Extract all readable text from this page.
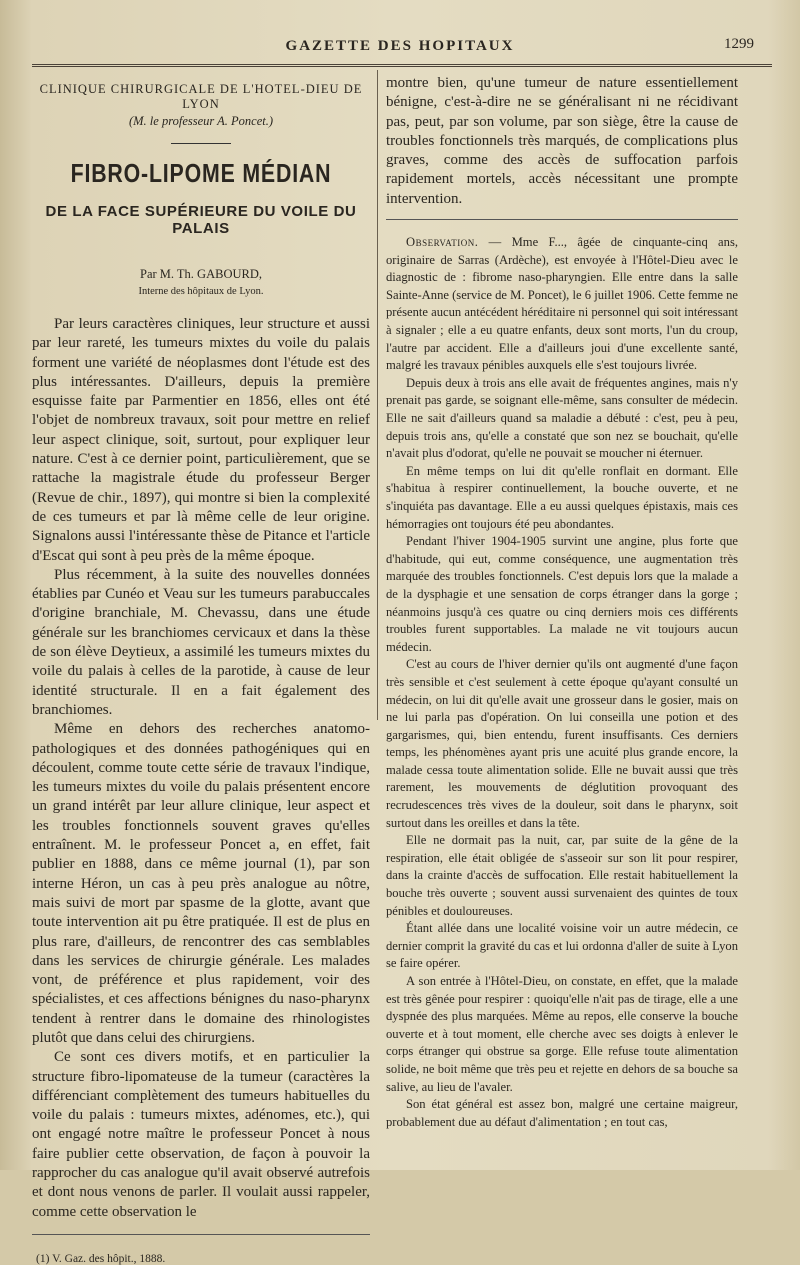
GAZETTE DES HOPITAUX	1299
CLINIQUE CHIRURGICALE DE L'HOTEL-DIEU DE LYON
(M. le professeur A. Poncet.)
FIBRO-LIPOME MÉDIAN
DE LA FACE SUPÉRIEURE DU VOILE DU PALAIS
Par M. Th. GABOURD,
Interne des hôpitaux de Lyon.

Par leurs caractères cliniques, leur structure et aussi par leur rareté, les tumeurs mixtes du voile du palais forment une variété de néoplasmes dont l'étude est des plus intéressantes. D'ailleurs, depuis la première esquisse faite par Parmentier en 1856, elles ont été l'objet de nombreux travaux, soit pour mettre en relief leur aspect clinique, soit, surtout, pour expliquer leur nature. C'est à ce dernier point, particulièrement, que se rattache la magistrale étude du professeur Berger (Revue de chir., 1897), qui montre si bien la complexité de ces tumeurs et par là même celle de leur origine. Signalons aussi l'intéressante thèse de Pitance et l'article d'Escat qui sont à peu près de la même époque.

Plus récemment, à la suite des nouvelles données établies par Cunéo et Veau sur les tumeurs parabuccales d'origine branchiale, M. Chevassu, dans une étude générale sur les branchiomes cervicaux et dans la thèse de son élève Deytieux, a assimilé les tumeurs mixtes du voile du palais à celles de la parotide, à cause de leur identité structurale. Il en a fait également des branchiomes.

Même en dehors des recherches anatomo-pathologiques et des données pathogéniques qui en découlent, comme toute cette série de travaux l'indique, les tumeurs mixtes du voile du palais présentent encore un grand intérêt par leur allure clinique, leur aspect et les troubles fonctionnels souvent graves qu'elles entraînent. M. le professeur Poncet a, en effet, fait publier en 1888, dans ce même journal (1), par son interne Héron, un cas à peu près analogue au nôtre, mais suivi de mort par spasme de la glotte, avant que toute intervention ait pu être pratiquée. Il est de plus en plus rare, d'ailleurs, de rencontrer des cas semblables dans les services de chirurgie générale. Les malades vont, de préférence et plus rapidement, voir des spécialistes, et ces affections bénignes du naso-pharynx tendent à rentrer dans le domaine des rhinologistes plutôt que dans celui des chirurgiens.

Ce sont ces divers motifs, et en particulier la structure fibro-lipomateuse de la tumeur (caractères la différenciant complètement des tumeurs habituelles du voile du palais : tumeurs mixtes, adénomes, etc.), qui ont engagé notre maître le professeur Poncet à nous faire publier cette observation, de façon à pouvoir la rapprocher du cas analogue qu'il avait observé autrefois et dont nous venons de parler. Il voulait aussi rappeler, comme cette observation le

(1) V. Gaz. des hôpit., 1888.

montre bien, qu'une tumeur de nature essentiellement bénigne, c'est-à-dire ne se généralisant ni ne récidivant pas, peut, par son volume, par son siège, être la cause de troubles fonctionnels très marqués, de complications plus graves, comme des accès de suffocation parfois rapidement mortels, accès nécessitant une prompte intervention.

Observation. — Mme F..., âgée de cinquante-cinq ans, originaire de Sarras (Ardèche), est envoyée à l'Hôtel-Dieu avec le diagnostic de : fibrome naso-pharyngien. Elle entre dans la salle Sainte-Anne (service de M. Poncet), le 6 juillet 1906. Cette femme ne présente aucun antécédent héréditaire ni personnel qui soit intéressant à signaler ; elle a eu quatre enfants, deux sont morts, l'un du croup, l'autre par accident. Elle a d'ailleurs joui d'une excellente santé, malgré les travaux pénibles auxquels elle s'est toujours livrée.

Depuis deux à trois ans elle avait de fréquentes angines, mais n'y prenait pas garde, se soignant elle-même, sans consulter de médecin. Elle ne sait d'ailleurs quand sa maladie a débuté : c'est, peu à peu, depuis trois ans, qu'elle a constaté que son nez se bouchait, qu'elle n'avait plus d'odorat, qu'elle ne pouvait se moucher ni éternuer.

En même temps on lui dit qu'elle ronflait en dormant. Elle s'habitua à respirer continuellement, la bouche ouverte, et ne s'inquiéta pas davantage. Elle a eu aussi quelques épistaxis, mais ces hémorragies ont toujours été peu abondantes.

Pendant l'hiver 1904-1905 survint une angine, plus forte que d'habitude, qui eut, comme conséquence, une augmentation très marquée des troubles fonctionnels. C'est depuis lors que la malade a de la dysphagie et une sensation de corps étranger dans la gorge ; néanmoins jusqu'à ces quatre ou cinq derniers mois ces différents troubles furent supportables. La malade ne vit toujours aucun médecin.

C'est au cours de l'hiver dernier qu'ils ont augmenté d'une façon très sensible et c'est seulement à cette époque qu'ayant consulté un médecin, on lui dit qu'elle avait une grosseur dans le gosier, mais on ne lui parla pas d'opération. On lui conseilla une potion et des gargarismes, qui, bien entendu, furent insuffisants. Ces derniers temps, les phénomènes ayant pris une acuité plus grande encore, la malade cessa toute alimentation solide. Elle ne buvait aussi que très rarement, les mouvements de déglutition provoquant des recrudescences très vives de la douleur, soit dans le pharynx, soit surtout dans les oreilles et dans la tête.

Elle ne dormait pas la nuit, car, par suite de la gêne de la respiration, elle était obligée de s'asseoir sur son lit pour respirer, dans la crainte d'accès de suffocation. Elle restait habituellement la bouche très ouverte ; souvent aussi survenaient des quintes de toux pénibles et douloureuses.

Étant allée dans une localité voisine voir un autre médecin, ce dernier comprit la gravité du cas et lui ordonna d'aller de suite à Lyon se faire opérer.

A son entrée à l'Hôtel-Dieu, on constate, en effet, que la malade est très gênée pour respirer : quoiqu'elle n'ait pas de tirage, elle a une dyspnée des plus marquées. Même au repos, elle conserve la bouche ouverte et à tout moment, elle cherche avec ses doigts à enlever le corps étranger qui obstrue sa gorge. Elle refuse toute alimentation solide, ne boit même que très peu et rejette en dehors de sa bouche sa salive, au lieu de l'avaler.

Son état général est assez bon, malgré une certaine maigreur, probablement due au défaut d'alimentation ; en tout cas,
